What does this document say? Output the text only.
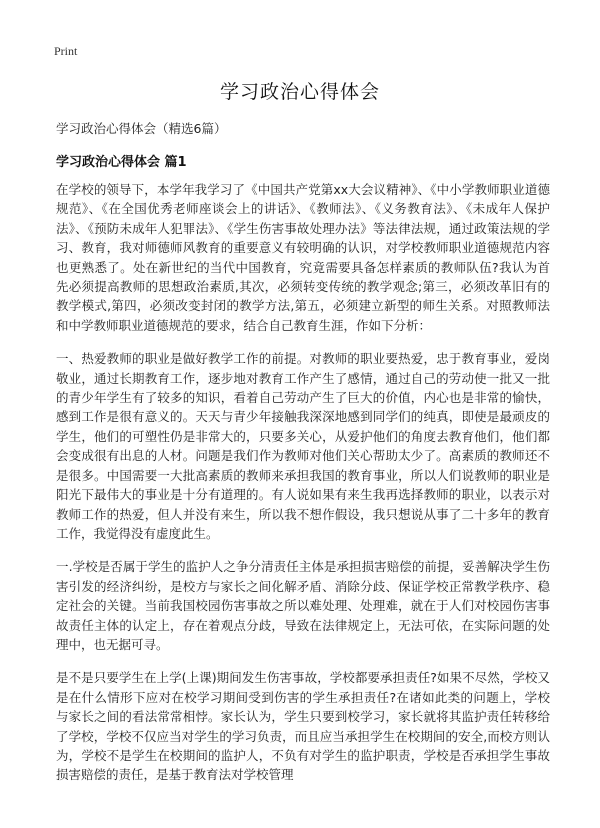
Print
学习政治心得体会
学习政治心得体会（精选6篇）
学习政治心得体会 篇1

在学校的领导下，本学年我学习了《中国共产党第xx大会议精神》、《中小学教师职业道德规范》、《在全国优秀老师座谈会上的讲话》、《教师法》、《义务教育法》、《未成年人保护法》、《预防未成年人犯罪法》、《学生伤害事故处理办法》等法律法规，通过政策法规的学习、教育，我对师德师风教育的重要意义有较明确的认识，对学校教师职业道德规范内容也更熟悉了。处在新世纪的当代中国教育，究竟需要具备怎样素质的教师队伍?我认为首先必须提高教师的思想政治素质,其次，必须转变传统的教学观念;第三，必须改革旧有的教学模式,第四，必须改变封闭的教学方法,第五，必须建立新型的师生关系。对照教师法和中学教师职业道德规范的要求，结合自己教育生涯，作如下分析：

一、热爱教师的职业是做好教学工作的前提。对教师的职业要热爱，忠于教育事业，爱岗敬业，通过长期教育工作，逐步地对教育工作产生了感情，通过自己的劳动使一批又一批的青少年学生有了较多的知识，看着自己劳动产生了巨大的价值，内心也是非常的愉快，感到工作是很有意义的。天天与青少年接触我深深地感到同学们的纯真，即使是最顽皮的学生，他们的可塑性仍是非常大的，只要多关心，从爱护他们的角度去教育他们，他们都会变成很有出息的人材。问题是我们作为教师对他们关心帮助太少了。高素质的教师还不是很多。中国需要一大批高素质的教师来承担我国的教育事业，所以人们说教师的职业是阳光下最伟大的事业是十分有道理的。有人说如果有来生我再选择教师的职业，以表示对教师工作的热爱，但人并没有来生，所以我不想作假设，我只想说从事了二十多年的教育工作，我觉得没有虚度此生。

一.学校是否属于学生的监护人之争分清责任主体是承担损害赔偿的前提，妥善解决学生伤害引发的经济纠纷，是校方与家长之间化解矛盾、消除分歧、保证学校正常教学秩序、稳定社会的关键。当前我国校园伤害事故之所以难处理、处理难，就在于人们对校园伤害事故责任主体的认定上，存在着观点分歧，导致在法律规定上，无法可依，在实际问题的处理中，也无据可寻。

是不是只要学生在上学(上课)期间发生伤害事故，学校都要承担责任?如果不尽然，学校又是在什么情形下应对在校学习期间受到伤害的学生承担责任?在诸如此类的问题上，学校与家长之间的看法常常相悖。家长认为，学生只要到校学习，家长就将其监护责任转移给了学校，学校不仅应当对学生的学习负责，而且应当承担学生在校期间的安全,而校方则认为，学校不是学生在校期间的监护人，不负有对学生的监护职责，学校是否承担学生事故损害赔偿的责任，是基于教育法对学校管理
